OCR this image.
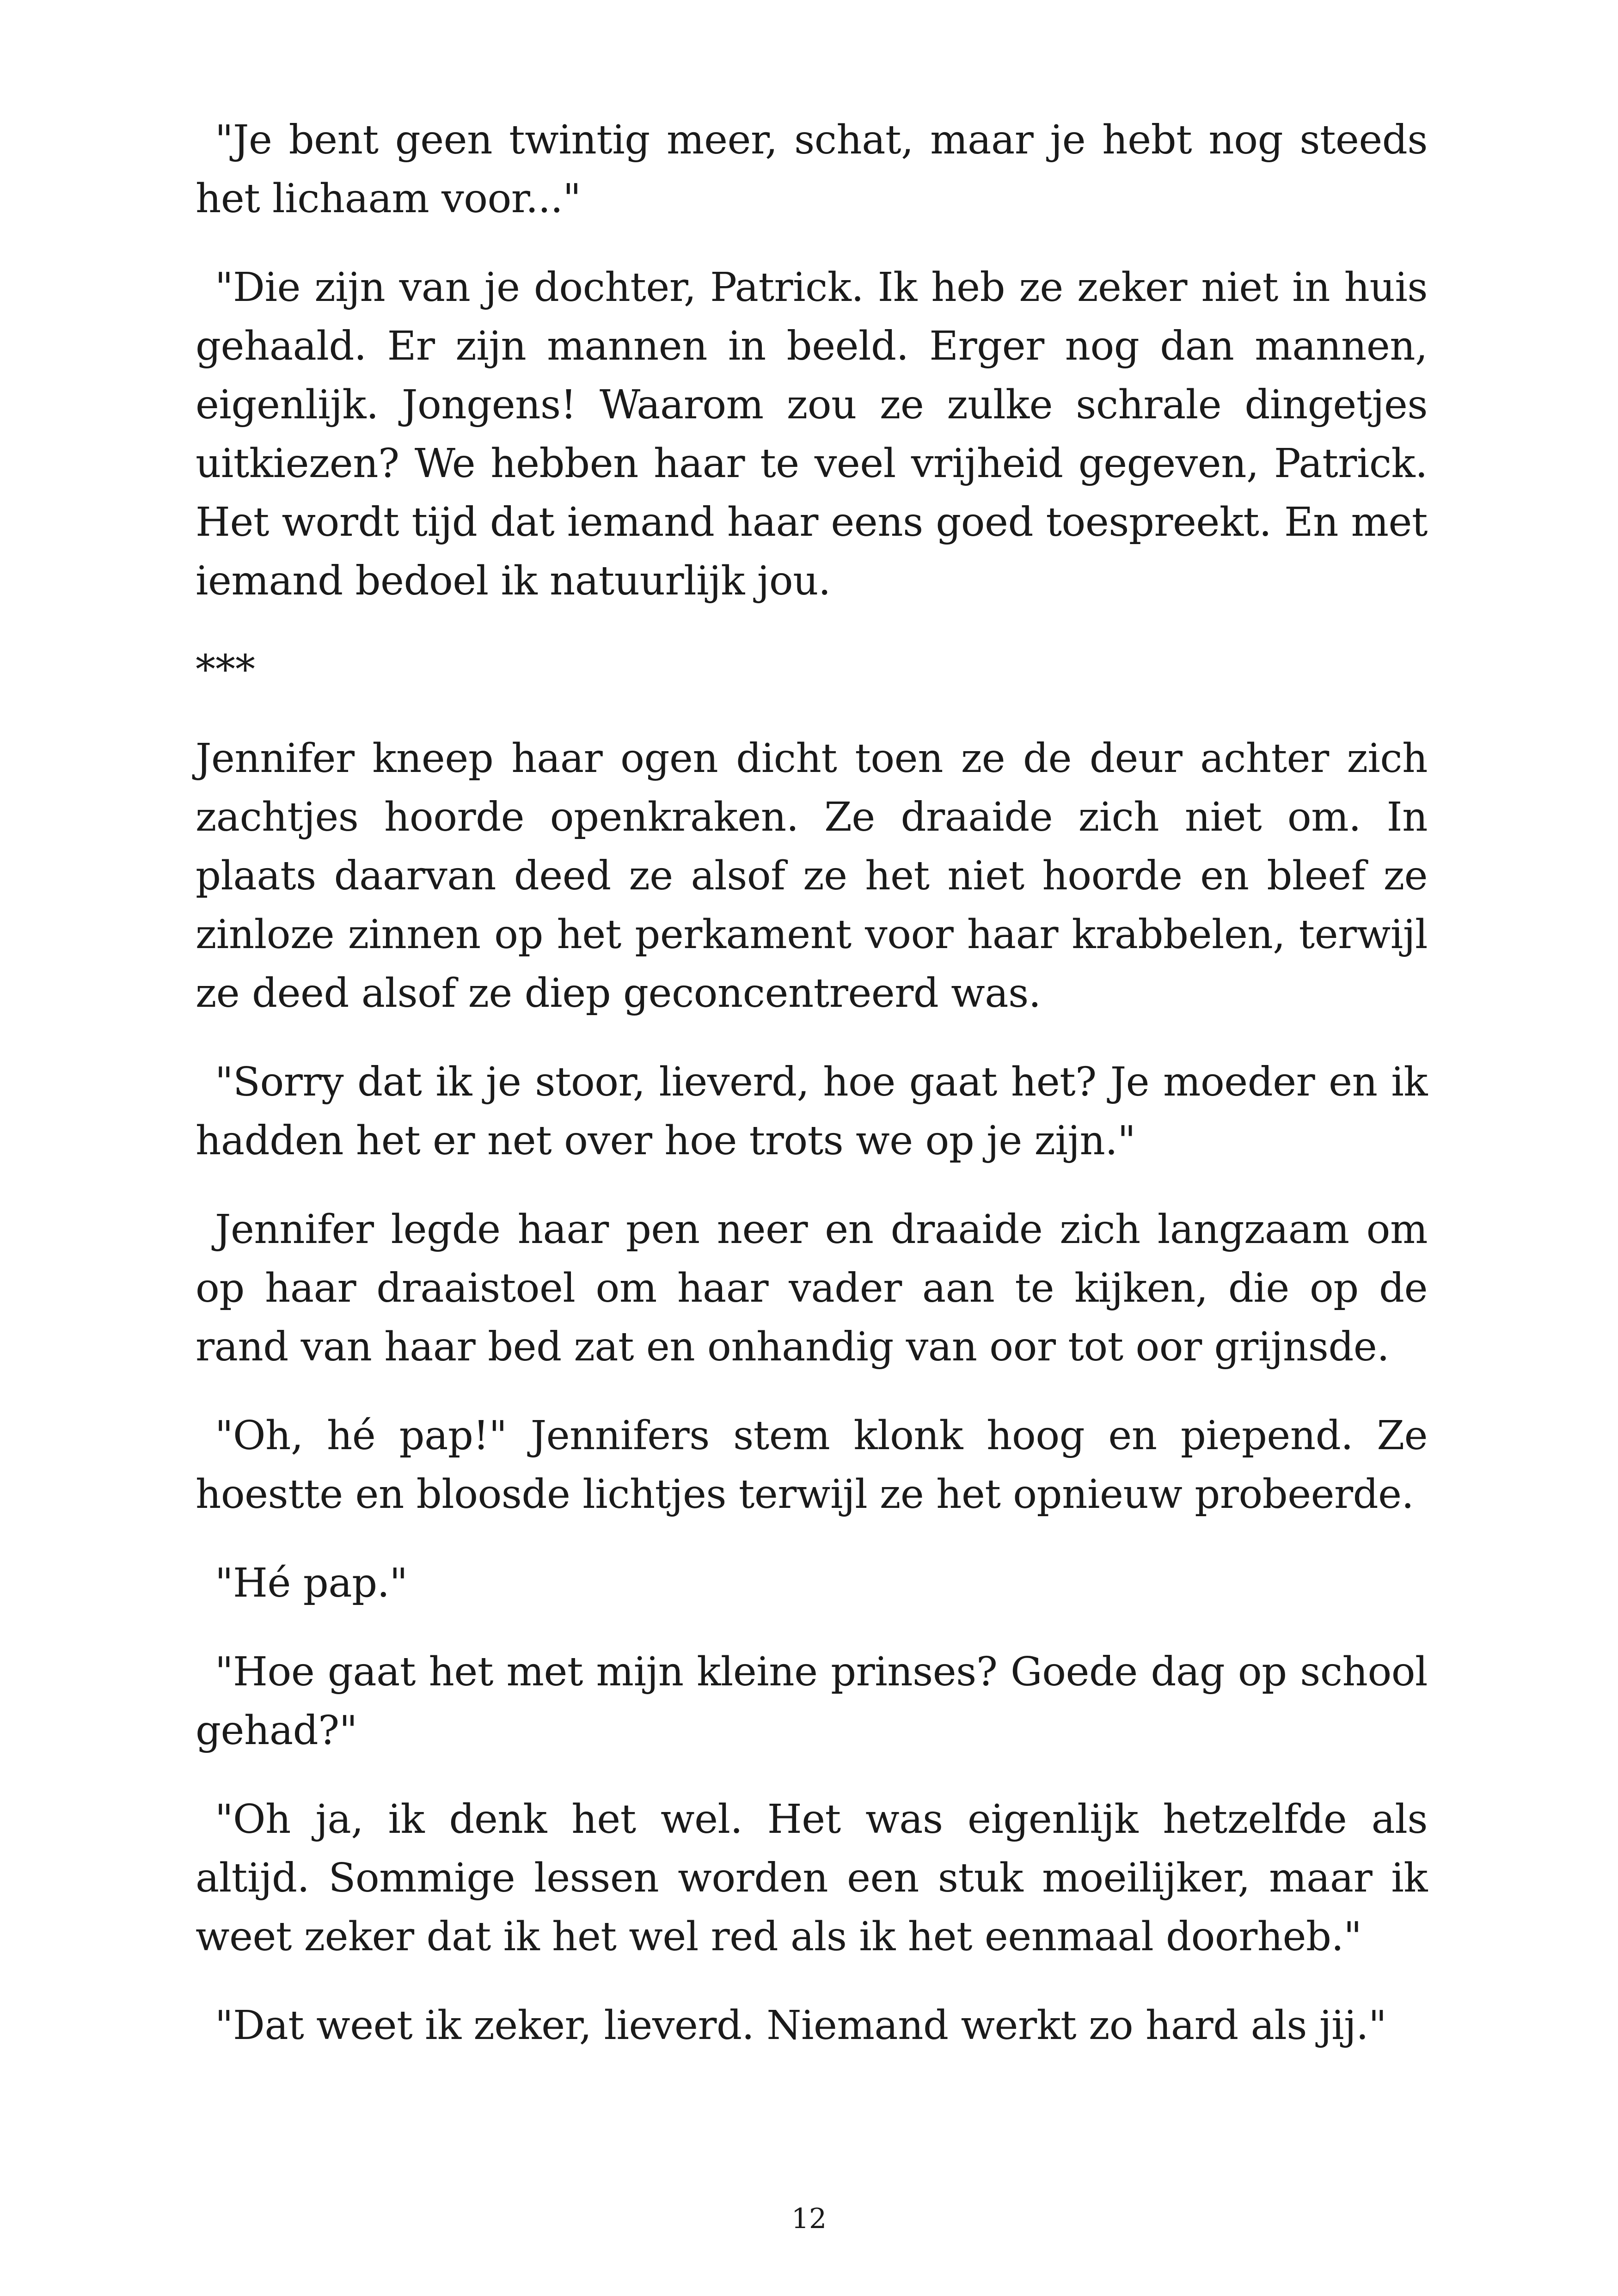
"Je bent geen twintig meer, schat, maar je hebt nog steeds het lichaam voor..."

"Die zijn van je dochter, Patrick. Ik heb ze zeker niet in huis gehaald. Er zijn mannen in beeld. Erger nog dan mannen, eigenlijk. Jongens! Waarom zou ze zulke schrale dingetjes uitkiezen? We hebben haar te veel vrijheid gegeven, Patrick. Het wordt tijd dat iemand haar eens goed toespreekt. En met iemand bedoel ik natuurlijk jou.

***

Jennifer kneep haar ogen dicht toen ze de deur achter zich zachtjes hoorde openkraken. Ze draaide zich niet om. In plaats daarvan deed ze alsof ze het niet hoorde en bleef ze zinloze zinnen op het perkament voor haar krabbelen, terwijl ze deed alsof ze diep geconcentreerd was.

"Sorry dat ik je stoor, lieverd, hoe gaat het? Je moeder en ik hadden het er net over hoe trots we op je zijn."

Jennifer legde haar pen neer en draaide zich langzaam om op haar draaistoel om haar vader aan te kijken, die op de rand van haar bed zat en onhandig van oor tot oor grijnsde.

"Oh, hé pap!" Jennifers stem klonk hoog en piepend. Ze hoestte en bloosde lichtjes terwijl ze het opnieuw probeerde.

"Hé pap."

"Hoe gaat het met mijn kleine prinses? Goede dag op school gehad?"

"Oh ja, ik denk het wel. Het was eigenlijk hetzelfde als altijd. Sommige lessen worden een stuk moeilijker, maar ik weet zeker dat ik het wel red als ik het eenmaal doorheb."

"Dat weet ik zeker, lieverd. Niemand werkt zo hard als jij."

12
